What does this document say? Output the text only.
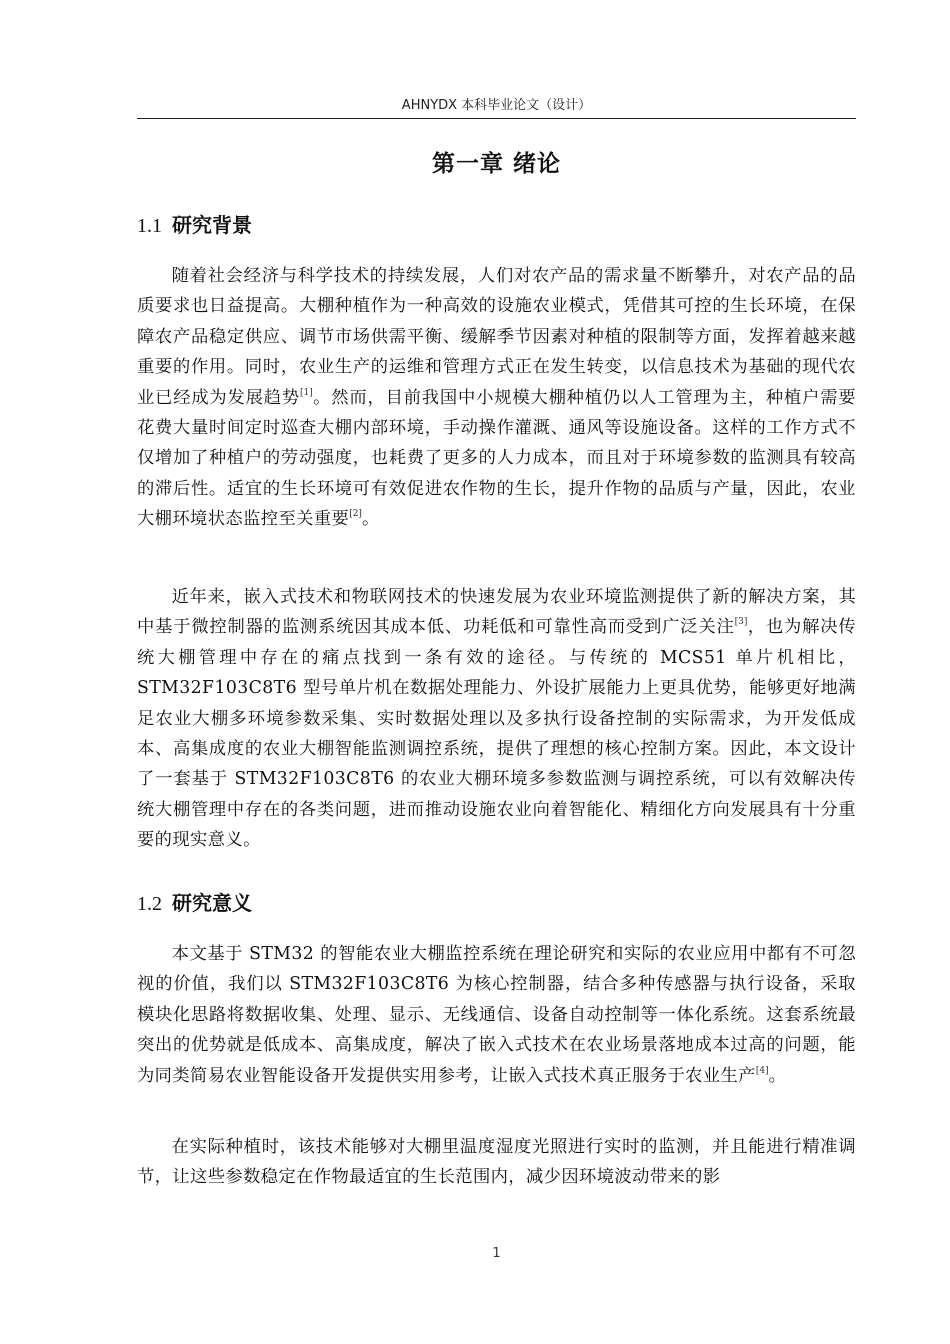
AHNYDX 本科毕业论文（设计）
第一章 绪论
1.1 研究背景

随着社会经济与科学技术的持续发展，人们对农产品的需求量不断攀升，对农产品的品质要求也日益提高。大棚种植作为一种高效的设施农业模式，凭借其可控的生长环境，在保障农产品稳定供应、调节市场供需平衡、缓解季节因素对种植的限制等方面，发挥着越来越重要的作用。同时，农业生产的运维和管理方式正在发生转变，以信息技术为基础的现代农业已经成为发展趋势[1]。然而，目前我国中小规模大棚种植仍以人工管理为主，种植户需要花费大量时间定时巡查大棚内部环境，手动操作灌溉、通风等设施设备。这样的工作方式不仅增加了种植户的劳动强度，也耗费了更多的人力成本，而且对于环境参数的监测具有较高的滞后性。适宜的生长环境可有效促进农作物的生长，提升作物的品质与产量，因此，农业大棚环境状态监控至关重要[2]。

近年来，嵌入式技术和物联网技术的快速发展为农业环境监测提供了新的解决方案，其中基于微控制器的监测系统因其成本低、功耗低和可靠性高而受到广泛关注[3]，也为解决传统大棚管理中存在的痛点找到一条有效的途径。与传统的 MCS51 单片机相比，STM32F103C8T6 型号单片机在数据处理能力、外设扩展能力上更具优势，能够更好地满足农业大棚多环境参数采集、实时数据处理以及多执行设备控制的实际需求，为开发低成本、高集成度的农业大棚智能监测调控系统，提供了理想的核心控制方案。因此，本文设计了一套基于 STM32F103C8T6 的农业大棚环境多参数监测与调控系统，可以有效解决传统大棚管理中存在的各类问题，进而推动设施农业向着智能化、精细化方向发展具有十分重要的现实意义。

1.2 研究意义

本文基于 STM32 的智能农业大棚监控系统在理论研究和实际的农业应用中都有不可忽视的价值，我们以 STM32F103C8T6 为核心控制器，结合多种传感器与执行设备，采取模块化思路将数据收集、处理、显示、无线通信、设备自动控制等一体化系统。这套系统最突出的优势就是低成本、高集成度，解决了嵌入式技术在农业场景落地成本过高的问题，能为同类简易农业智能设备开发提供实用参考，让嵌入式技术真正服务于农业生产[4]。

在实际种植时，该技术能够对大棚里温度湿度光照进行实时的监测，并且能进行精准调节，让这些参数稳定在作物最适宜的生长范围内，减少因环境波动带来的影

1
